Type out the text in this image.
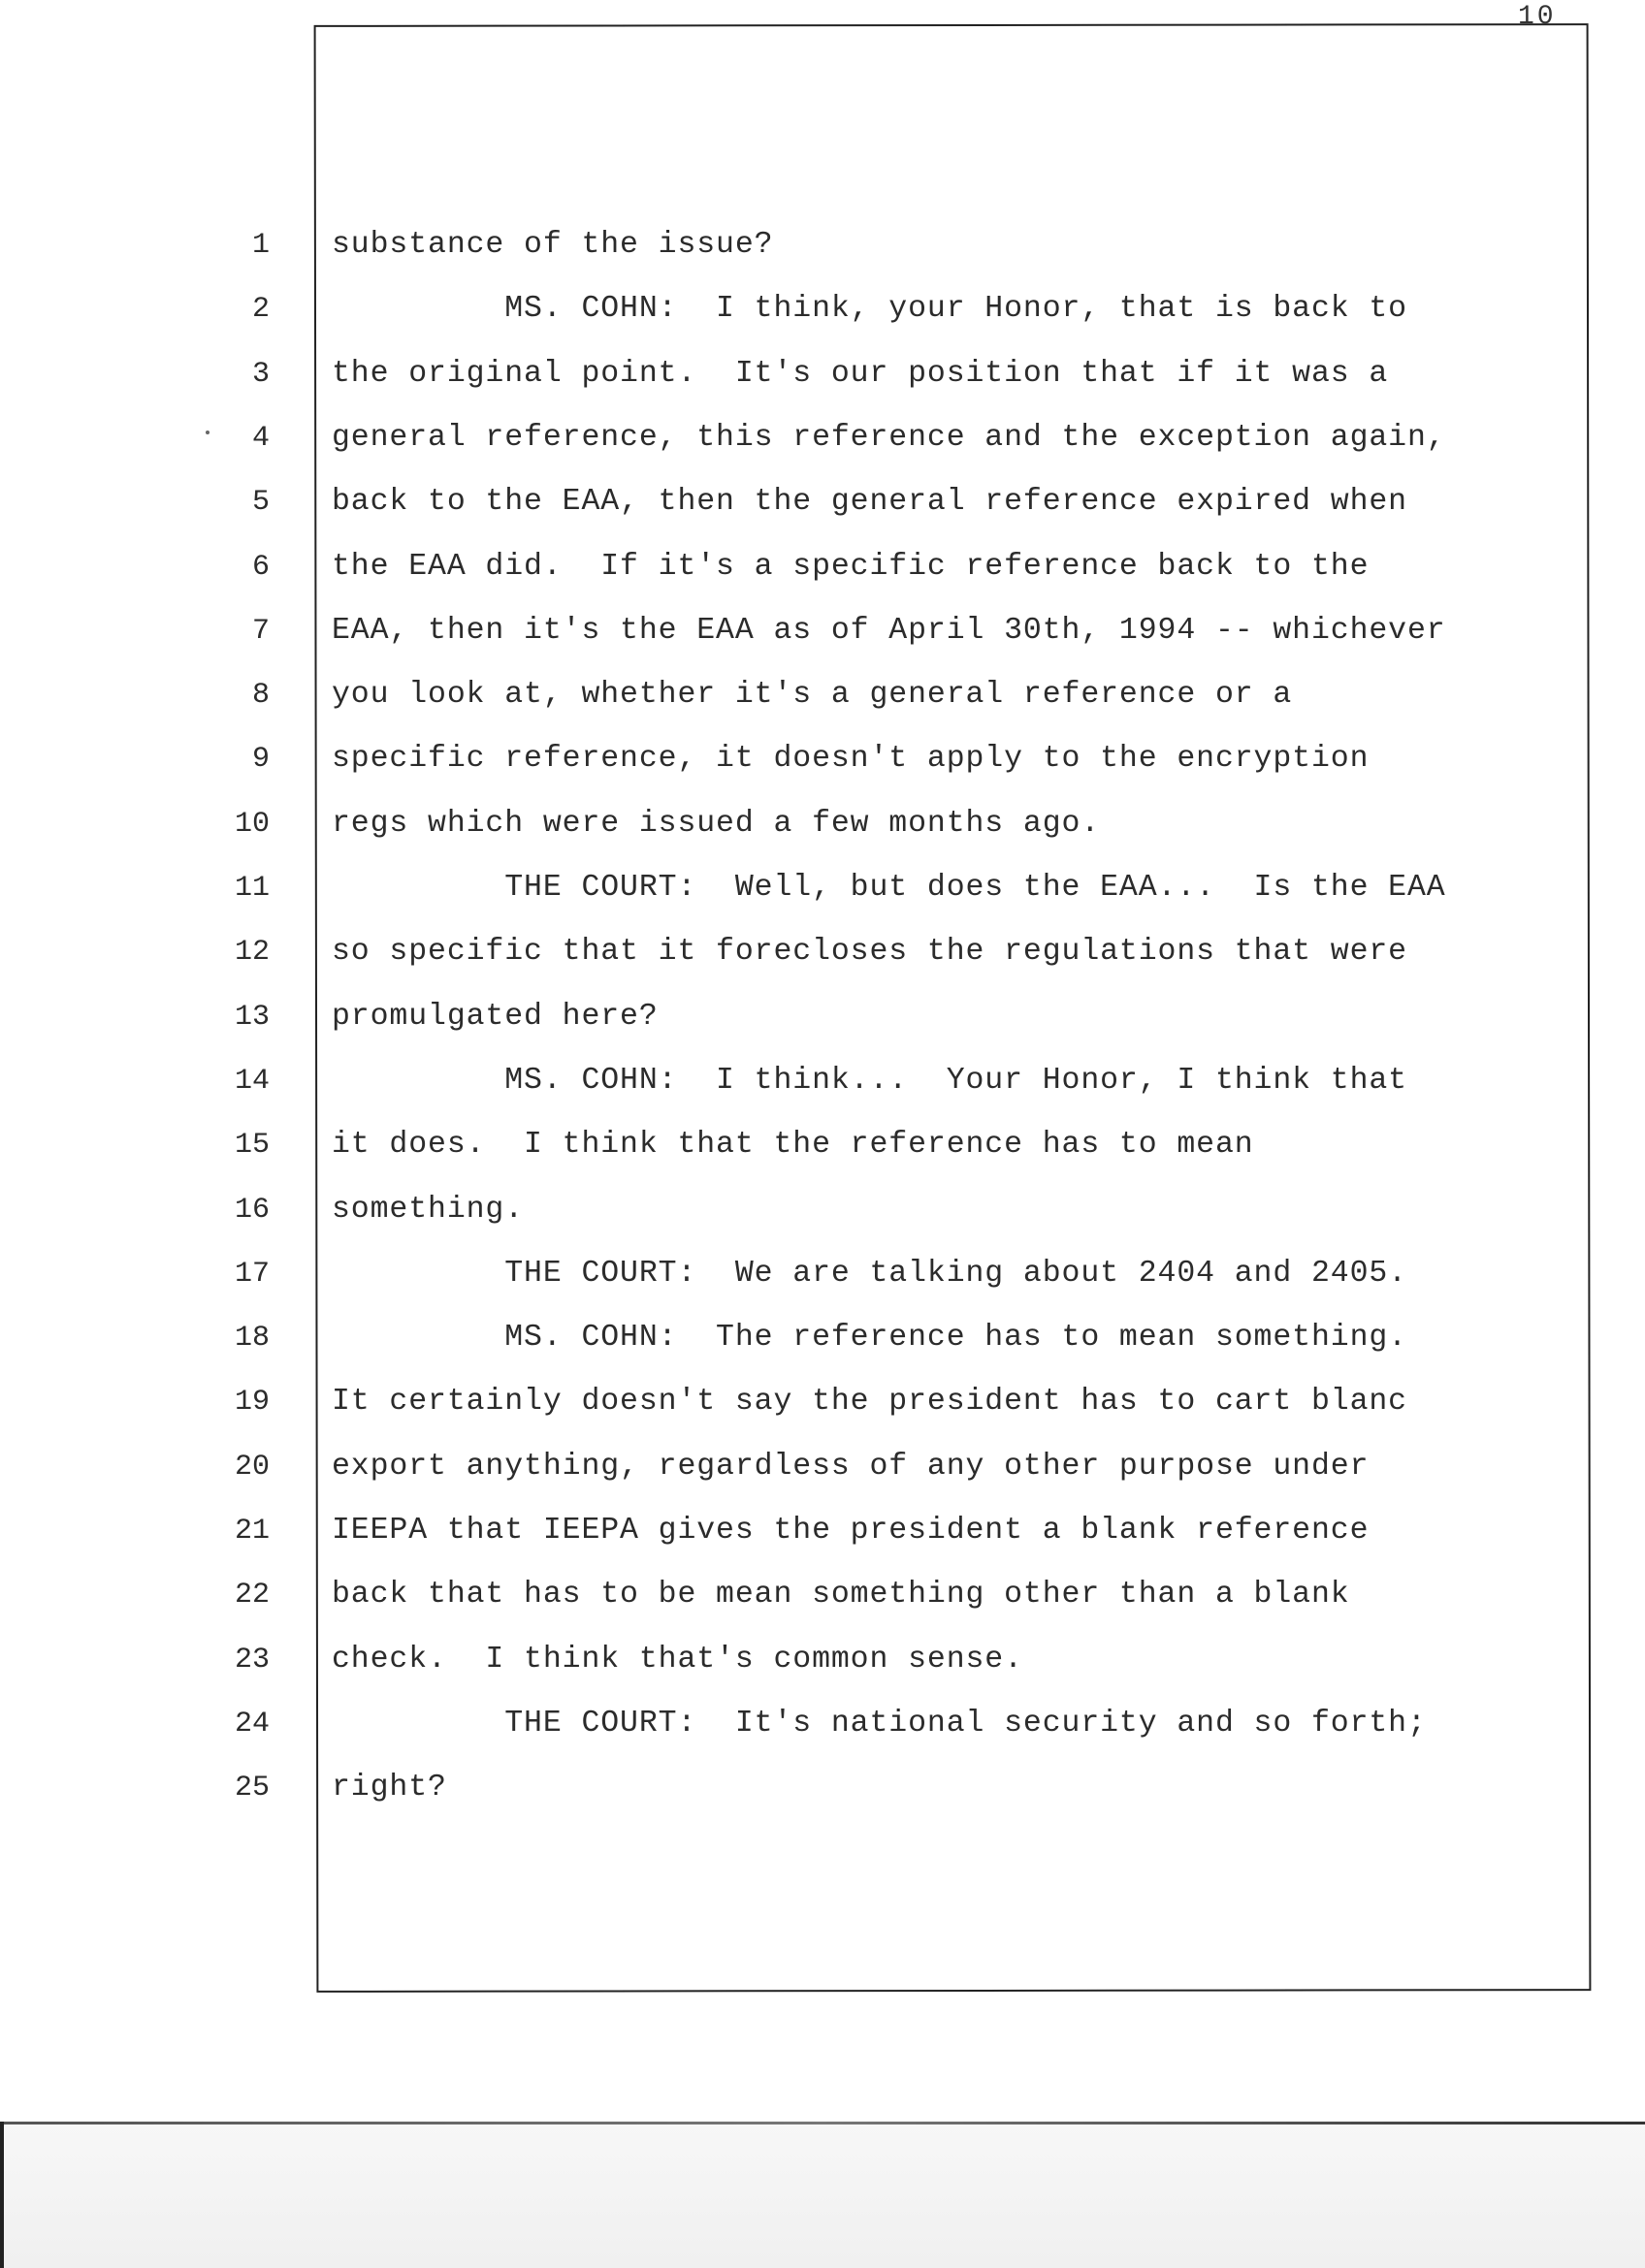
10
1 substance of the issue?
2 MS. COHN:  I think, your Honor, that is back to
3 the original point.  It's our position that if it was a
4 general reference, this reference and the exception again,
5 back to the EAA, then the general reference expired when
6 the EAA did.  If it's a specific reference back to the
7 EAA, then it's the EAA as of April 30th, 1994 -- whichever
8 you look at, whether it's a general reference or a
9 specific reference, it doesn't apply to the encryption
10 regs which were issued a few months ago.
11 THE COURT:  Well, but does the EAA...  Is the EAA
12 so specific that it forecloses the regulations that were
13 promulgated here?
14 MS. COHN:  I think...  Your Honor, I think that
15 it does.  I think that the reference has to mean
16 something.
17 THE COURT:  We are talking about 2404 and 2405.
18 MS. COHN:  The reference has to mean something.
19 It certainly doesn't say the president has to cart blanc
20 export anything, regardless of any other purpose under
21 IEEPA that IEEPA gives the president a blank reference
22 back that has to be mean something other than a blank
23 check.  I think that's common sense.
24 THE COURT:  It's national security and so forth;
25 right?
